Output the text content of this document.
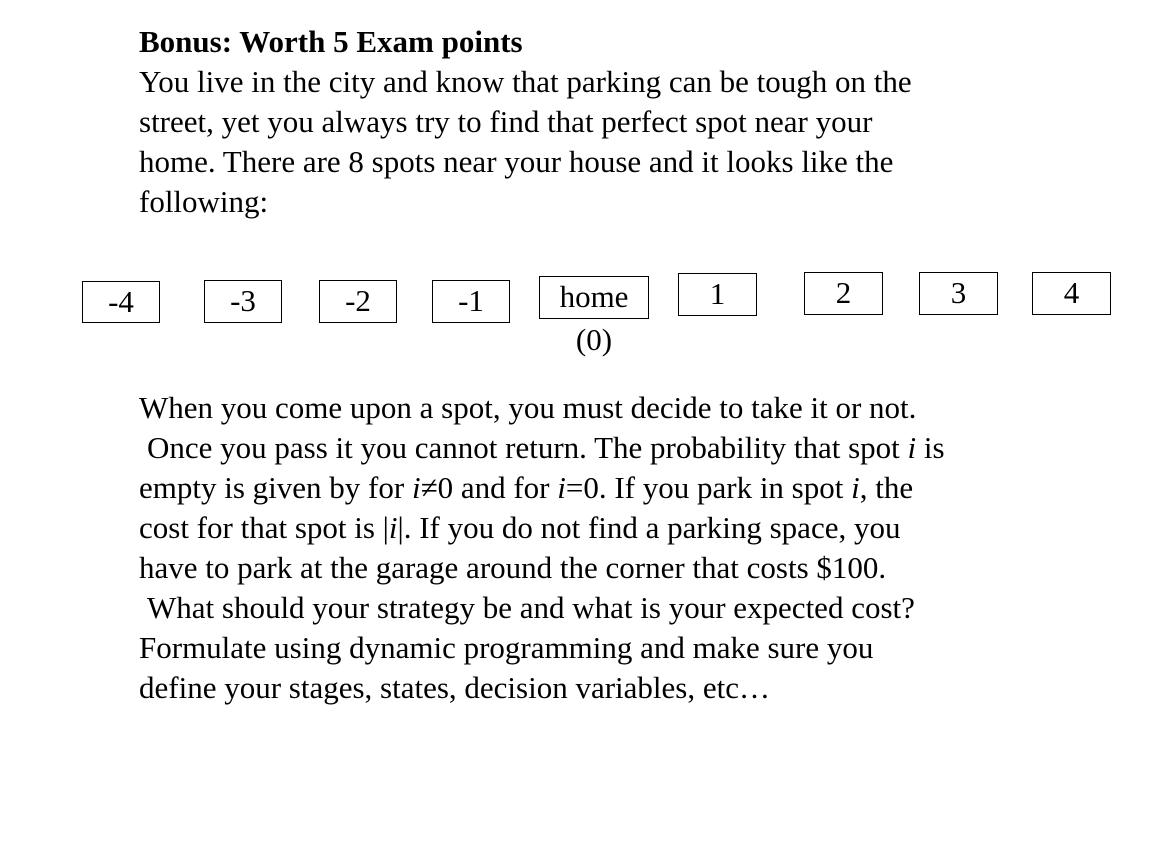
Bonus: Worth 5 Exam points
You live in the city and know that parking can be tough on the
street, yet you always try to find that perfect spot near your
home. There are 8 spots near your house and it looks like the
following:
-4	-3	-2	-1	home
(0)
1	2	3	4
When you come upon a spot, you must decide to take it or not.
Once you pass it you cannot return. The probability that spot i is
empty is given by for i≠0 and for i=0. If you park in spot i, the
cost for that spot is |i|. If you do not find a parking space, you
have to park at the garage around the corner that costs $100.
What should your strategy be and what is your expected cost?
Formulate using dynamic programming and make sure you
define your stages, states, decision variables, etc…
